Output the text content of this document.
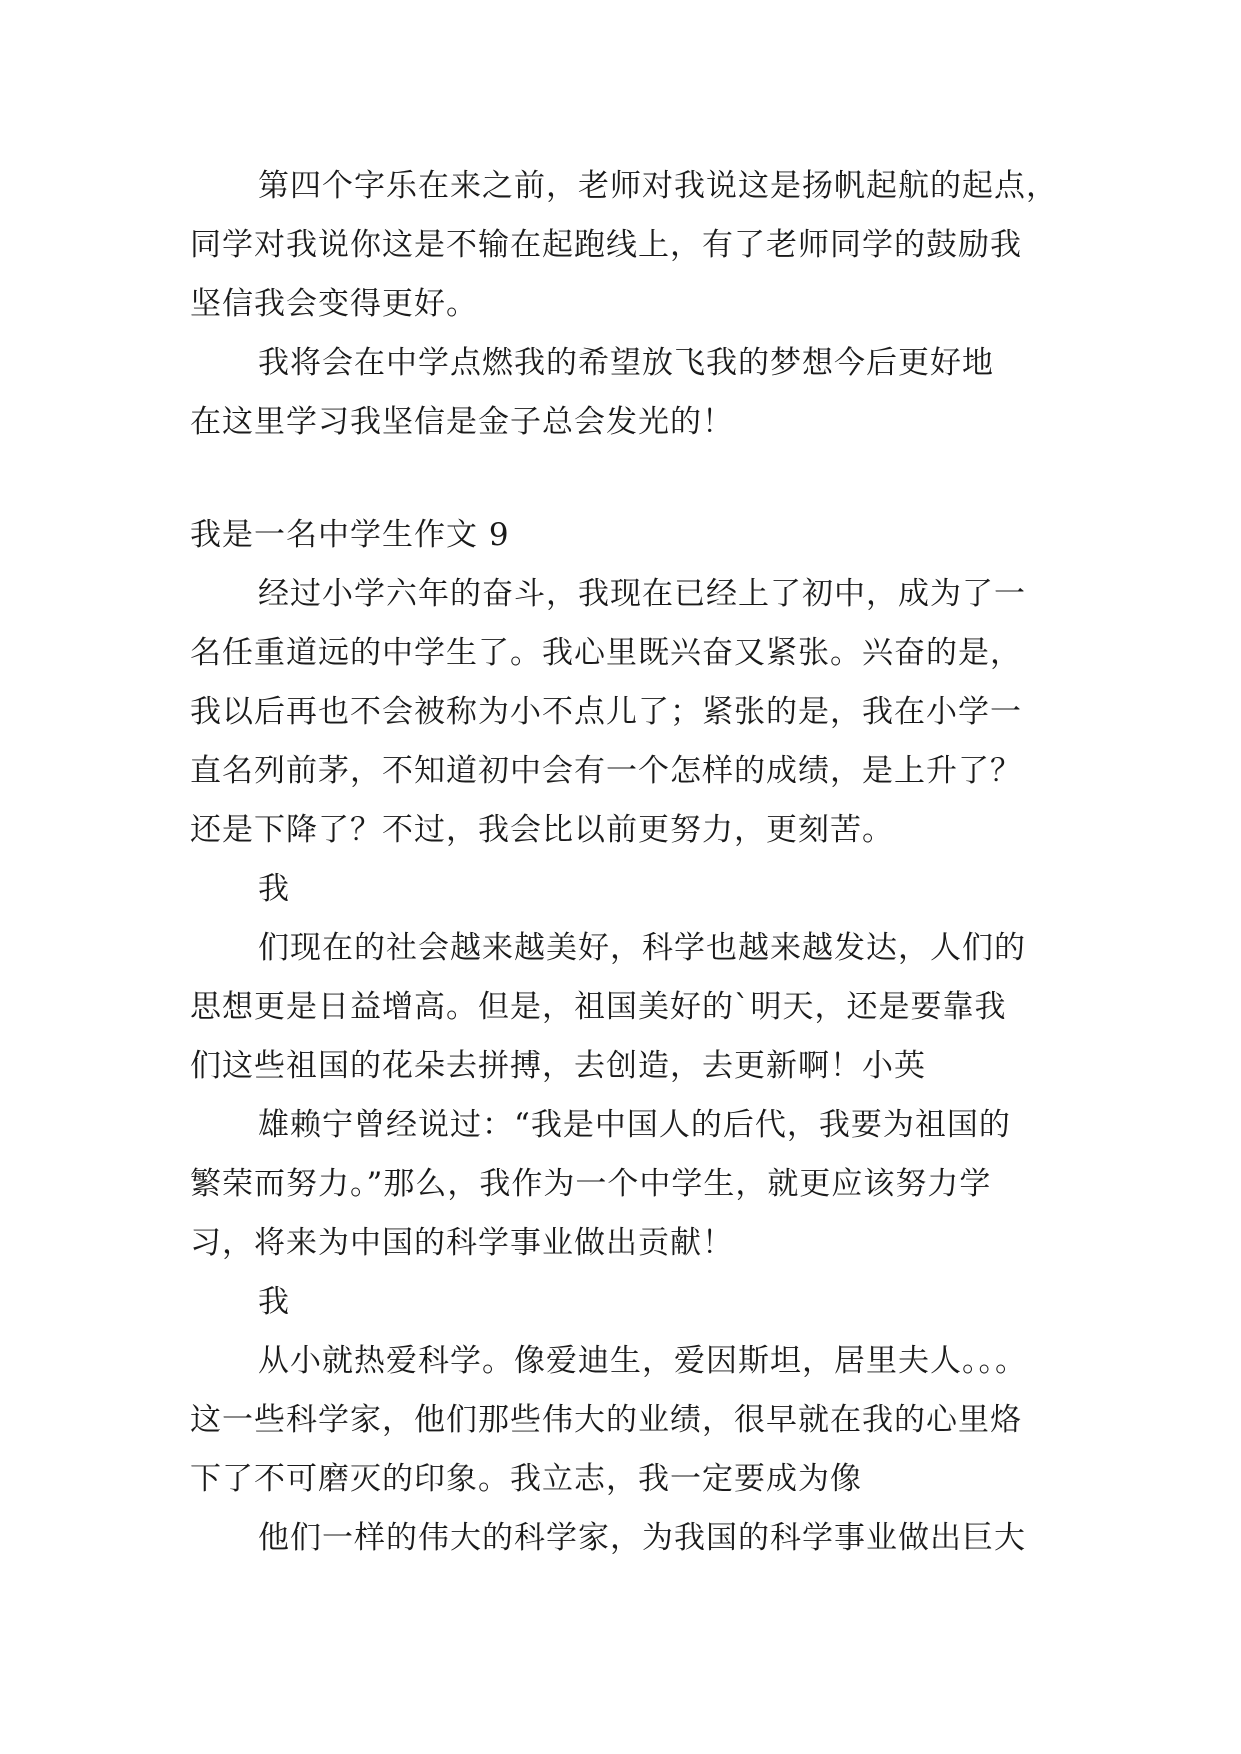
第四个字乐在来之前，老师对我说这是扬帆起航的起点，
同学对我说你这是不输在起跑线上，有了老师同学的鼓励我
坚信我会变得更好。
我将会在中学点燃我的希望放飞我的梦想今后更好地
在这里学习我坚信是金子总会发光的！
我是一名中学生作文 9
经过小学六年的奋斗，我现在已经上了初中，成为了一
名任重道远的中学生了。我心里既兴奋又紧张。兴奋的是，
我以后再也不会被称为小不点儿了；紧张的是，我在小学一
直名列前茅，不知道初中会有一个怎样的成绩，是上升了？
还是下降了？不过，我会比以前更努力，更刻苦。
我
们现在的社会越来越美好，科学也越来越发达，人们的
思想更是日益增高。但是，祖国美好的`明天，还是要靠我
们这些祖国的花朵去拼搏，去创造，去更新啊！小英
雄赖宁曾经说过：“我是中国人的后代，我要为祖国的
繁荣而努力。”那么，我作为一个中学生，就更应该努力学
习，将来为中国的科学事业做出贡献！
我
从小就热爱科学。像爱迪生，爱因斯坦，居里夫人。。。
这一些科学家，他们那些伟大的业绩，很早就在我的心里烙
下了不可磨灭的印象。我立志，我一定要成为像
他们一样的伟大的科学家，为我国的科学事业做出巨大
